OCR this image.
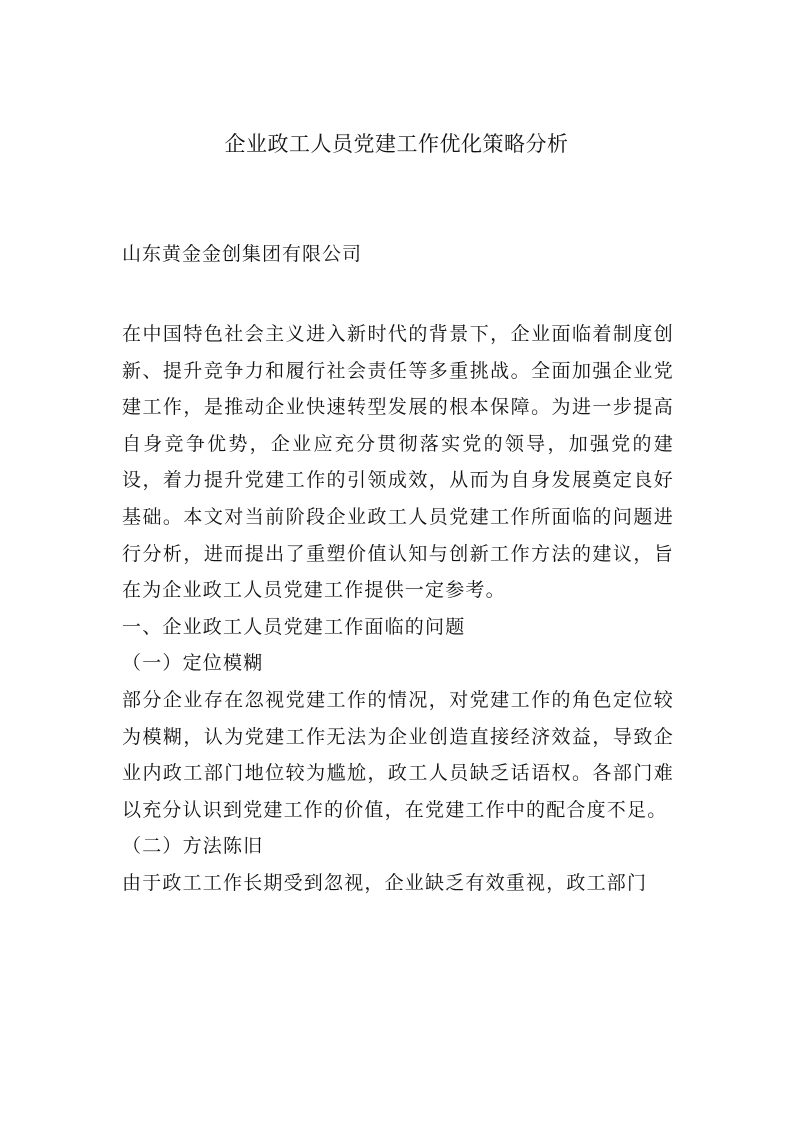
企业政工人员党建工作优化策略分析
山东黄金金创集团有限公司

在中国特色社会主义进入新时代的背景下，企业面临着制度创新、提升竞争力和履行社会责任等多重挑战。全面加强企业党建工作，是推动企业快速转型发展的根本保障。为进一步提高自身竞争优势，企业应充分贯彻落实党的领导，加强党的建设，着力提升党建工作的引领成效，从而为自身发展奠定良好基础。本文对当前阶段企业政工人员党建工作所面临的问题进行分析，进而提出了重塑价值认知与创新工作方法的建议，旨在为企业政工人员党建工作提供一定参考。

一、企业政工人员党建工作面临的问题

（一）定位模糊

部分企业存在忽视党建工作的情况，对党建工作的角色定位较为模糊，认为党建工作无法为企业创造直接经济效益，导致企业内政工部门地位较为尴尬，政工人员缺乏话语权。各部门难以充分认识到党建工作的价值，在党建工作中的配合度不足。

（二）方法陈旧

由于政工工作长期受到忽视，企业缺乏有效重视，政工部门
